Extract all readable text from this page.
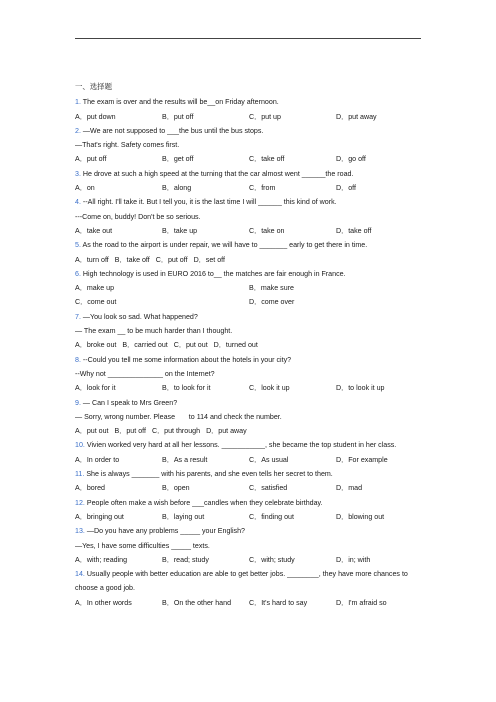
一、选择题
1. The exam is over and the results will be__on Friday afternoon.
A．put down	B．put off	C．put up	D．put away
2. —We are not supposed to ___the bus until the bus stops.
—That's right. Safety comes first.
A．put off	B．get off	C．take off	D．go off
3. He drove at such a high speed at the turning that the car almost went ______the road.
A．on	B．along	C．from	D．off
4. --All right. I'll take it. But I tell you, it is the last time I will ______ this kind of work.
---Come on, buddy! Don't be so serious.
A．take out	B．take up	C．take on	D．take off
5. As the road to the airport is under repair, we will have to _______ early to get there in time.
A．turn off B．take off C．put off D．set off
6. High technology is used in EURO 2016 to__ the matches are fair enough in France.
A．make up	B．make sure
C．come out	D．come over
7. —You look so sad. What happened?
— The exam __ to be much harder than I thought.
A．broke out B．carried out C．put out D．turned out
8. --Could you tell me some information about the hotels in your city?
--Why not ______________ on the Internet?
A．look for it	B．to look for it	C．look it up	D．to look it up
9. — Can I speak to Mrs Green?
— Sorry, wrong number. Please       to 114 and check the number.
A．put out B．put off C．put through D．put away
10. Vivien worked very hard at all her lessons. ___________, she became the top student in her class.
A．In order to	B．As a result	C．As usual	D．For example
11. She is always _______ with his parents, and she even tells her secret to them.
A．bored	B．open	C．satisfied	D．mad
12. People often make a wish before ___candles when they celebrate birthday.
A．bringing out	B．laying out	C．finding out	D．blowing out
13. —Do you have any problems _____ your English?
—Yes, I have some difficulties _____ texts.
A．with; reading	B．read; study	C．with; study	D．in; with
14. Usually people with better education are able to get better jobs. ________, they have more chances to choose a good job.
A．In other words	B．On the other hand	C．It's hard to say	D．I'm afraid so
